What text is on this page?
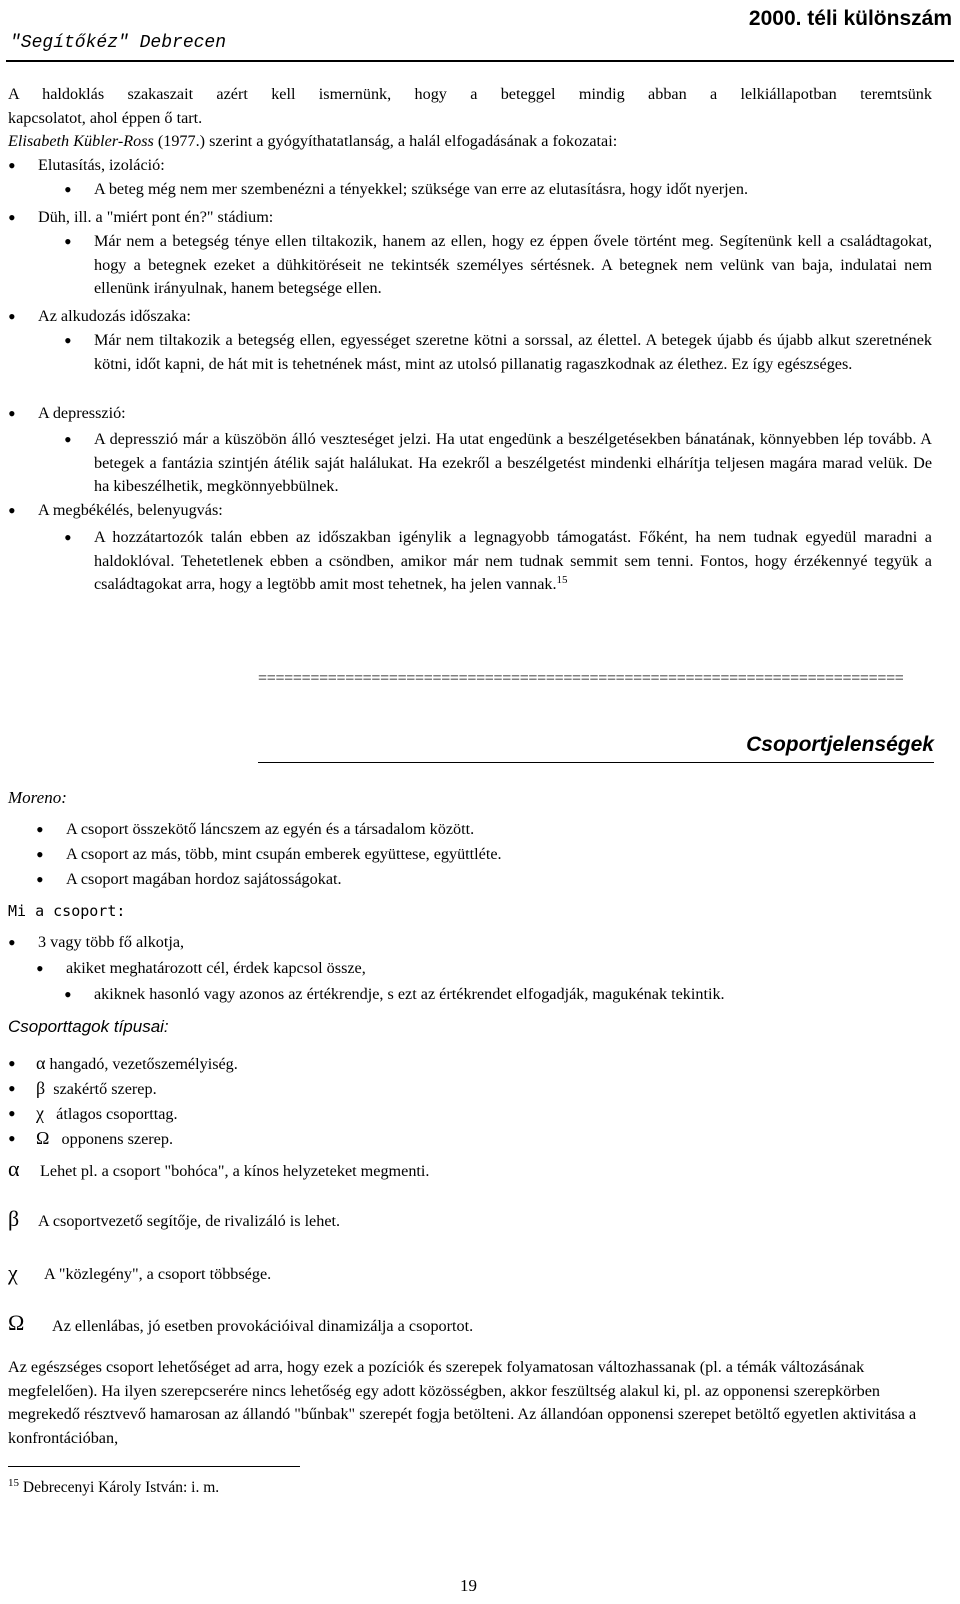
"Segítőkéz" Debrecen
2000. téli különszám

A haldoklás szakaszait azért kell ismernünk, hogy a beteggel mindig abban a lelkiállapotban teremtsünk

kapcsolatot, ahol éppen ő tart.

Elisabeth Kübler-Ross (1977.) szerint a gyógyíthatatlanság, a halál elfogadásának a fokozatai:

•
Elutasítás, izoláció:
•
A beteg még nem mer szembenézni a tényekkel; szüksége van erre az elutasításra, hogy időt nyerjen.
•
Düh, ill. a "miért pont én?" stádium:
•
Már nem a betegség ténye ellen tiltakozik, hanem az ellen, hogy ez éppen ővele történt meg. Segítenünk kell a családtagokat, hogy a betegnek ezeket a dühkitöréseit ne tekintsék személyes sértésnek. A betegnek nem velünk van baja, indulatai nem ellenünk irányulnak, hanem betegsége ellen.
•
Az alkudozás időszaka:
•
Már nem tiltakozik a betegség ellen, egyességet szeretne kötni a sorssal, az élettel. A betegek újabb és újabb alkut szeretnének kötni, időt kapni, de hát mit is tehetnének mást, mint az utolsó pillanatig ragaszkodnak az élethez. Ez így egészséges.
•
A depresszió:
•
A depresszió már a küszöbön álló veszteséget jelzi. Ha utat engedünk a beszélgetésekben bánatának, könnyebben lép tovább. A betegek a fantázia szintjén átélik saját halálukat. Ha ezekről a beszélgetést mindenki elhárítja teljesen magára marad velük. De ha kibeszélhetik, megkönnyebbülnek.
•
A megbékélés, belenyugvás:
•
A hozzátartozók talán ebben az időszakban igénylik a legnagyobb támogatást. Főként, ha nem tudnak egyedül maradni a haldoklóval. Tehetetlenek ebben a csöndben, amikor már nem tudnak semmit sem tenni. Fontos, hogy érzékennyé tegyük a családtagokat arra, hogy a legtöbb amit most tehetnek, ha jelen vannak.$^{15}$
==========================================================================
Csoportjelenségek
Moreno:
•
A csoport összekötő láncszem az egyén és a társadalom között.
•
A csoport az más, több, mint csupán emberek együttese, együttléte.
•
A csoport magában hordoz sajátosságokat.
Mi a csoport:
•
3 vagy több fő alkotja,
•
akiket meghatározott cél, érdek kapcsol össze,
•
akiknek hasonló vagy azonos az értékrendje, s ezt az értékrendet elfogadják, magukénak tekintik.
Csoporttagok típusai:
•
α hangadó, vezetőszemélyiség.
•
β szakértő szerep.
•
χ átlagos csoporttag.
•
Ω opponens szerep.
α Lehet pl. a csoport "bohóca", a kínos helyzeteket megmenti.
β A csoportvezető segítője, de rivalizáló is lehet.
χ A "közlegény", a csoport többsége.
Ω Az ellenlábas, jó esetben provokációival dinamizálja a csoportot.
Az egészséges csoport lehetőséget ad arra, hogy ezek a pozíciók és szerepek folyamatosan változhassanak (pl. a témák változásának megfelelően). Ha ilyen szerepcserére nincs lehetőség egy adott közösségben, akkor feszültség alakul ki, pl. az opponensi szerepkörben megrekedő résztvevő hamarosan az állandó "bűnbak" szerepét fogja betölteni. Az állandóan opponensi szerepet betöltő egyetlen aktivitása a konfrontációban,
$^{15}$ Debrecenyi Károly István: i. m.
19
